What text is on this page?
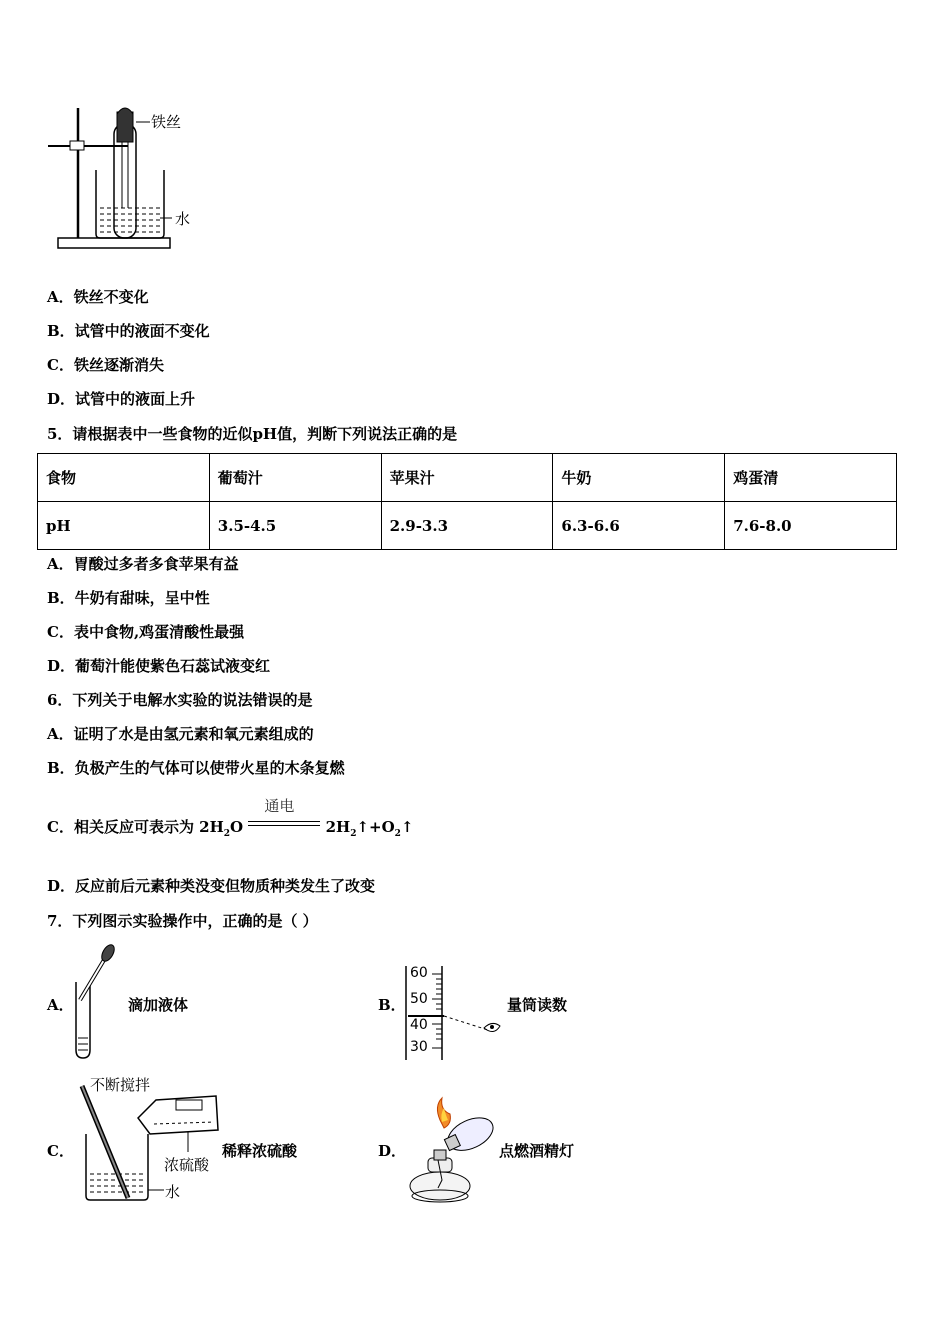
铁丝
水
A．铁丝不变化
B．试管中的液面不变化
C．铁丝逐渐消失
D．试管中的液面上升
5．请根据表中一些食物的近似pH值，判断下列说法正确的是
食物	葡萄汁	苹果汁	牛奶	鸡蛋清
pH	3.5-4.5	2.9-3.3	6.3-6.6	7.6-8.0
A．胃酸过多者多食苹果有益
B．牛奶有甜味，呈中性
C．表中食物,鸡蛋清酸性最强
D．葡萄汁能使紫色石蕊试液变红
6．下列关于电解水实验的说法错误的是
A．证明了水是由氢元素和氧元素组成的
B．负极产生的气体可以使带火星的木条复燃
C．相关反应可表示为 $2H_2O$
通电
$2H_2↑+O_2↑$
D．反应前后元素种类没变但物质种类发生了改变
7．下列图示实验操作中，正确的是（ ）
A．	滴加液体	B．
60
50
40
30
量筒读数
C．
不断搅拌
浓硫酸
水
稀释浓硫酸	D．	点燃酒精灯
